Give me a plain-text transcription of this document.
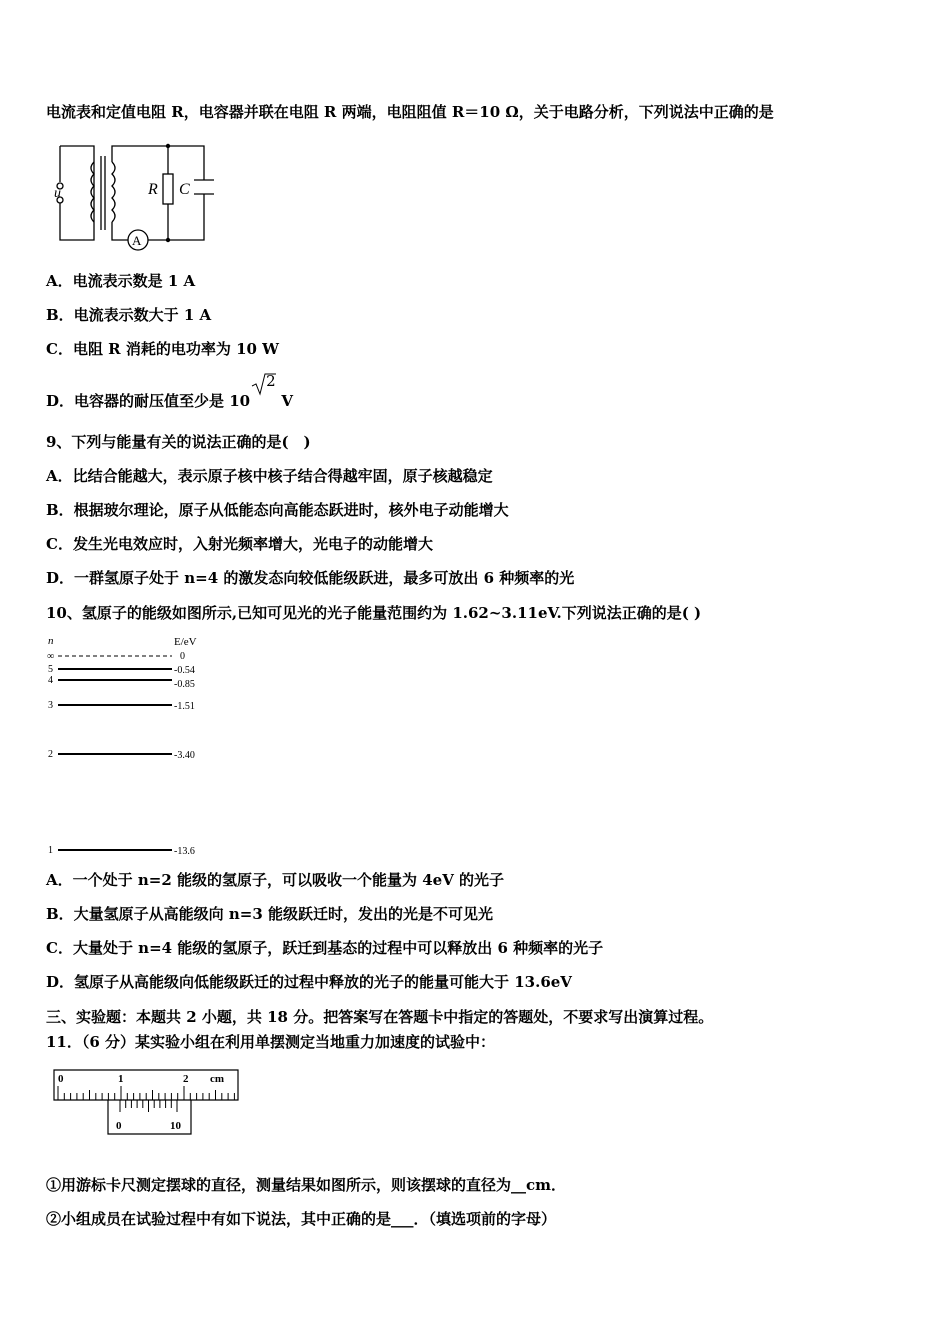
电流表和定值电阻 R，电容器并联在电阻 R 两端，电阻阻值 R＝10 Ω，关于电路分析，下列说法中正确的是
u	R C
A
A．电流表示数是 1 A
B．电流表示数大于 1 A
C．电阻 R 消耗的电功率为 10 W
D．电容器的耐压值至少是 10
2
V
9、下列与能量有关的说法正确的是(　)
A．比结合能越大，表示原子核中核子结合得越牢固，原子核越稳定
B．根据玻尔理论，原子从低能态向高能态跃进时，核外电子动能增大
C．发生光电效应时，入射光频率增大，光电子的动能增大
D．一群氢原子处于 n=4 的激发态向较低能级跃进，最多可放出 6 种频率的光
10、氢原子的能级如图所示,已知可见光的光子能量范围约为 1.62~3.11eV.下列说法正确的是( )
n	E/eV
∞	0
5	-0.54
4	-0.85
3	-1.51
2	-3.40
1	-13.6
A．一个处于 n=2 能级的氢原子，可以吸收一个能量为 4eV 的光子
B．大量氢原子从高能级向 n=3 能级跃迁时，发出的光是不可见光
C．大量处于 n=4 能级的氢原子，跃迁到基态的过程中可以释放出 6 种频率的光子
D．氢原子从高能级向低能级跃迁的过程中释放的光子的能量可能大于 13.6eV
三、实验题：本题共 2 小题，共 18 分。把答案写在答题卡中指定的答题处，不要求写出演算过程。
11．（6 分）某实验小组在利用单摆测定当地重力加速度的试验中：
0	1	2 cm
0	10
①用游标卡尺测定摆球的直径，测量结果如图所示，则该摆球的直径为__cm．
②小组成员在试验过程中有如下说法，其中正确的是___．（填选项前的字母）
